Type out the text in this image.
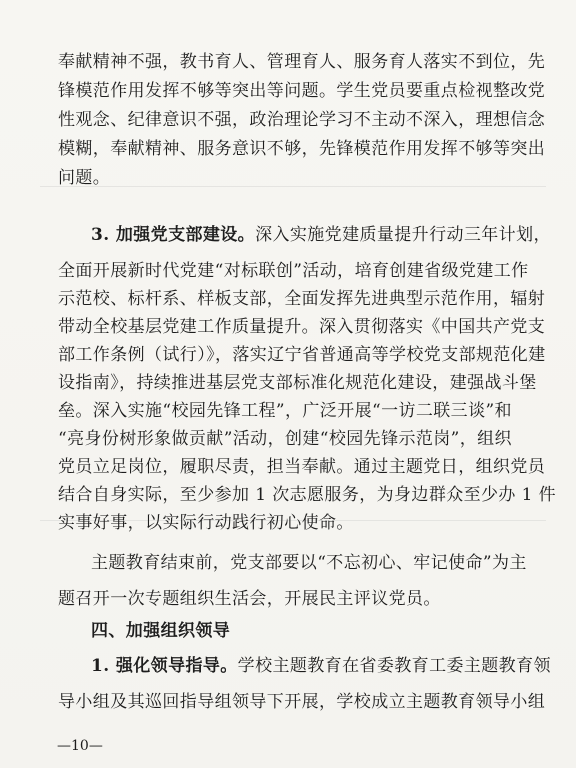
奉献精神不强，教书育人、管理育人、服务育人落实不到位，先
锋模范作用发挥不够等突出等问题。学生党员要重点检视整改党
性观念、纪律意识不强，政治理论学习不主动不深入，理想信念
模糊，奉献精神、服务意识不够，先锋模范作用发挥不够等突出
问题。
3. 加强党支部建设。深入实施党建质量提升行动三年计划，
全面开展新时代党建“对标联创”活动，培育创建省级党建工作
示范校、标杆系、样板支部，全面发挥先进典型示范作用，辐射
带动全校基层党建工作质量提升。深入贯彻落实《中国共产党支
部工作条例（试行）》，落实辽宁省普通高等学校党支部规范化建
设指南》，持续推进基层党支部标准化规范化建设，建强战斗堡
垒。深入实施“校园先锋工程”，广泛开展“一访二联三谈”和
“亮身份树形象做贡献”活动，创建“校园先锋示范岗”，组织
党员立足岗位，履职尽责，担当奉献。通过主题党日，组织党员
结合自身实际，至少参加 1 次志愿服务，为身边群众至少办 1 件
实事好事，以实际行动践行初心使命。
主题教育结束前，党支部要以“不忘初心、牢记使命”为主
题召开一次专题组织生活会，开展民主评议党员。
四、加强组织领导
—10—
1. 强化领导指导。学校主题教育在省委教育工委主题教育领
导小组及其巡回指导组领导下开展，学校成立主题教育领导小组
